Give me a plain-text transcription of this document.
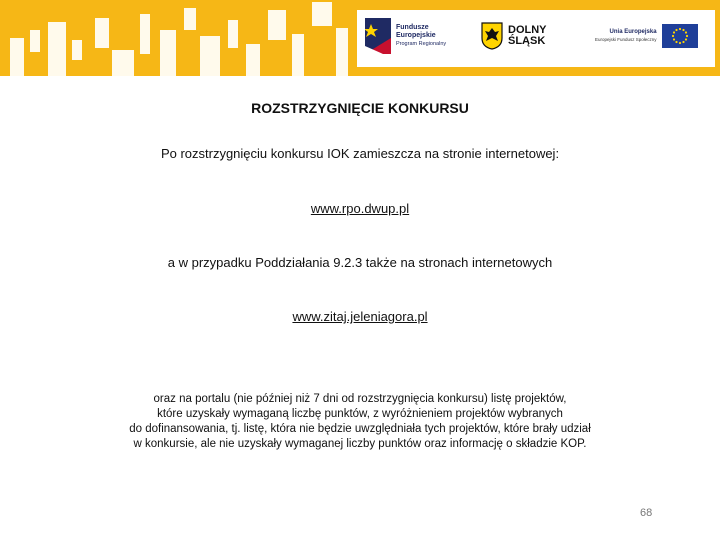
Fundusze
Europejskie
Program Regionalny
DOLNY
ŚLĄSK
Unia Europejska
Europejski Fundusz Społeczny
ROZSTRZYGNIĘCIE KONKURSU
Po rozstrzygnięciu konkursu IOK zamieszcza na stronie internetowej:
www.rpo.dwup.pl
a w przypadku Poddziałania 9.2.3 także na stronach internetowych
www.zitaj.jeleniagora.pl
oraz na portalu (nie później niż 7 dni od rozstrzygnięcia konkursu) listę projektów,
które uzyskały wymaganą liczbę punktów, z wyróżnieniem projektów wybranych
do dofinansowania, tj. listę, która nie będzie uwzględniała tych projektów, które brały udział
w konkursie, ale nie uzyskały wymaganej liczby punktów oraz informację o składzie KOP.
68
